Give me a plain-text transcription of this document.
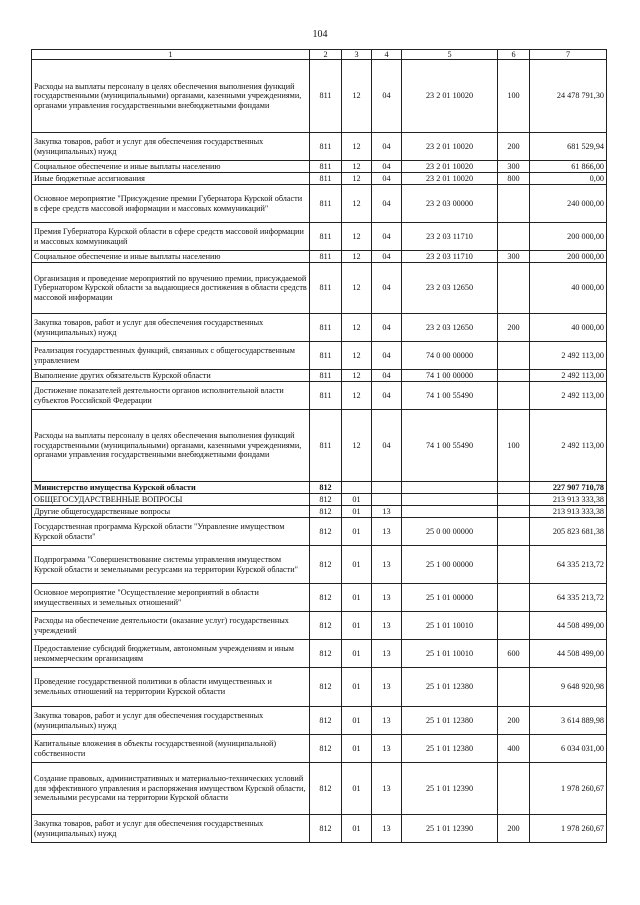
104
1	2	3	4	5	6	7
Расходы на выплаты персоналу в целях обеспечения выполнения функций государственными (муниципальными) органами, казенными учреждениями, органами управления государственными внебюджетными фондами	811	12	04	23 2 01 10020	100	24 478 791,30
Закупка товаров, работ и услуг для обеспечения государственных (муниципальных) нужд	811	12	04	23 2 01 10020	200	681 529,94
Социальное обеспечение и иные выплаты населению	811	12	04	23 2 01 10020	300	61 866,00
Иные бюджетные ассигнования	811	12	04	23 2 01 10020	800	0,00
Основное мероприятие "Присуждение премии Губернатора Курской области в сфере средств массовой информации и массовых коммуникаций"	811	12	04	23 2 03 00000		240 000,00
Премия Губернатора Курской области в сфере средств массовой информации и массовых коммуникаций	811	12	04	23 2 03 11710		200 000,00
Социальное обеспечение и иные выплаты населению	811	12	04	23 2 03 11710	300	200 000,00
Организация и проведение мероприятий по вручению премии, присуждаемой Губернатором Курской области за выдающиеся достижения в области средств массовой информации	811	12	04	23 2 03 12650		40 000,00
Закупка товаров, работ и услуг для обеспечения государственных (муниципальных) нужд	811	12	04	23 2 03 12650	200	40 000,00
Реализация государственных функций, связанных с общегосударственным управлением	811	12	04	74 0 00 00000		2 492 113,00
Выполнение других обязательств Курской области	811	12	04	74 1 00 00000		2 492 113,00
Достижение показателей деятельности органов исполнительной власти субъектов Российской Федерации	811	12	04	74 1 00 55490		2 492 113,00
Расходы на выплаты персоналу в целях обеспечения выполнения функций государственными (муниципальными) органами, казенными учреждениями, органами управления государственными внебюджетными фондами	811	12	04	74 1 00 55490	100	2 492 113,00
Министерство имущества Курской области	812					227 907 710,78
ОБЩЕГОСУДАРСТВЕННЫЕ ВОПРОСЫ	812	01				213 913 333,38
Другие общегосударственные вопросы	812	01	13			213 913 333,38
Государственная программа Курской области "Управление имуществом Курской области"	812	01	13	25 0 00 00000		205 823 681,38
Подпрограмма "Совершенствование системы управления имуществом Курской области и земельными ресурсами на территории Курской области"	812	01	13	25 1 00 00000		64 335 213,72
Основное мероприятие "Осуществление мероприятий в области имущественных и земельных отношений"	812	01	13	25 1 01 00000		64 335 213,72
Расходы на обеспечение деятельности (оказание услуг) государственных учреждений	812	01	13	25 1 01 10010		44 508 499,00
Предоставление субсидий бюджетным, автономным учреждениям и иным некоммерческим организациям	812	01	13	25 1 01 10010	600	44 508 499,00
Проведение государственной политики в области имущественных и земельных отношений на территории Курской области	812	01	13	25 1 01 12380		9 648 920,98
Закупка товаров, работ и услуг для обеспечения государственных (муниципальных) нужд	812	01	13	25 1 01 12380	200	3 614 889,98
Капитальные вложения в объекты государственной (муниципальной) собственности	812	01	13	25 1 01 12380	400	6 034 031,00
Создание правовых, административных и материально-технических условий для эффективного управления и распоряжения имуществом Курской области, земельными ресурсами на территории Курской области	812	01	13	25 1 01 12390		1 978 260,67
Закупка товаров, работ и услуг для обеспечения государственных (муниципальных) нужд	812	01	13	25 1 01 12390	200	1 978 260,67
